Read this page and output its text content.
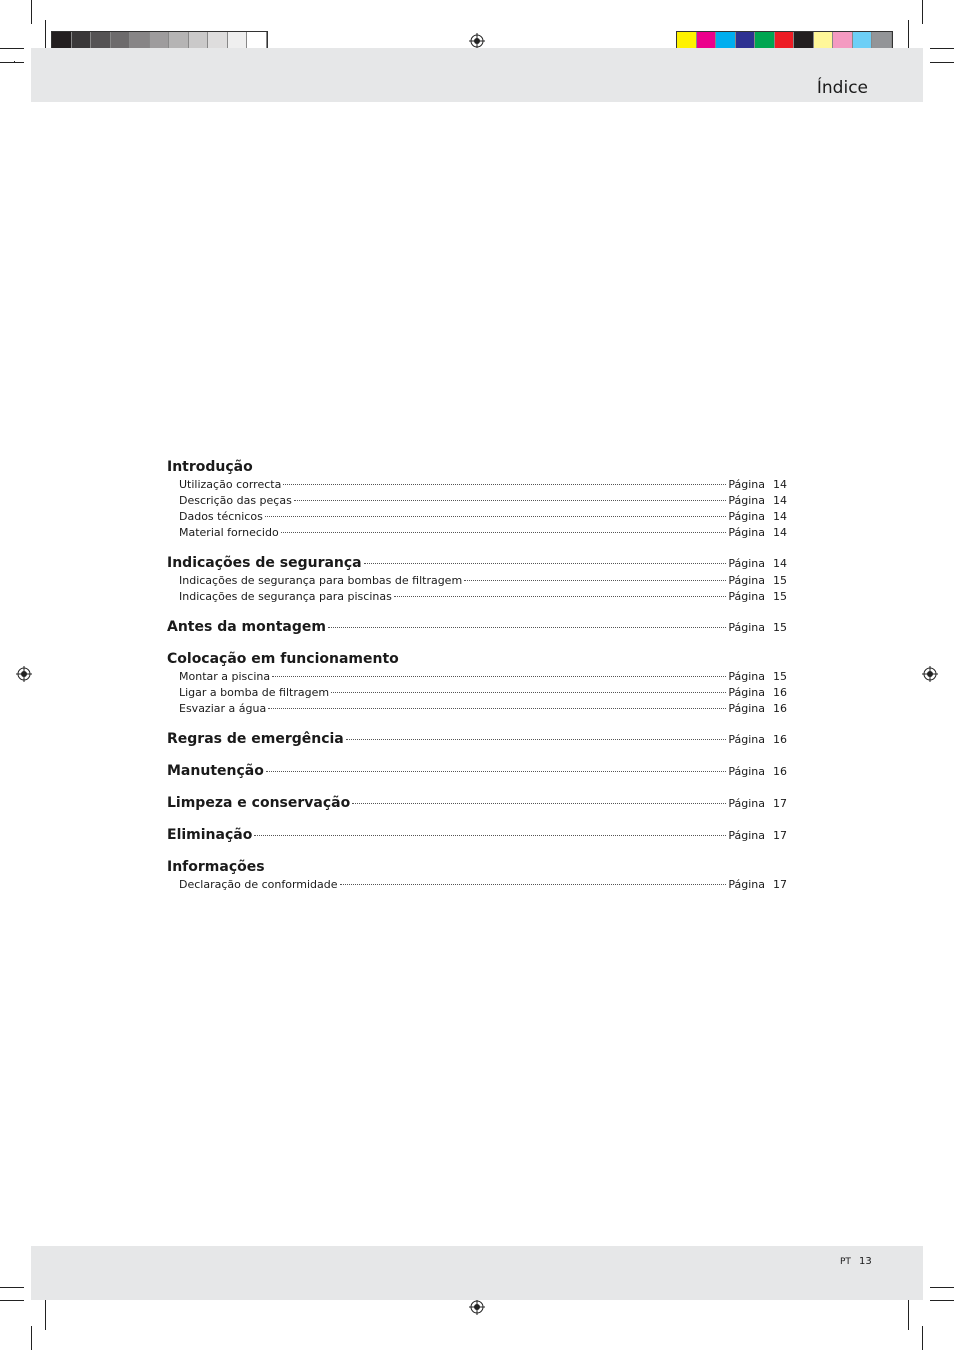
Índice
PT 13
Introdução
Utilização correcta	Página 14
Descrição das peças	Página 14
Dados técnicos	Página 14
Material fornecido	Página 14
Indicações de segurança	Página 14
Indicações de segurança para bombas de filtragem	Página 15
Indicações de segurança para piscinas	Página 15
Antes da montagem	Página 15
Colocação em funcionamento
Montar a piscina	Página 15
Ligar a bomba de filtragem	Página 16
Esvaziar a água	Página 16
Regras de emergência	Página 16
Manutenção	Página 16
Limpeza e conservação	Página 17
Eliminação	Página 17
Informações
Declaração de conformidade	Página 17
